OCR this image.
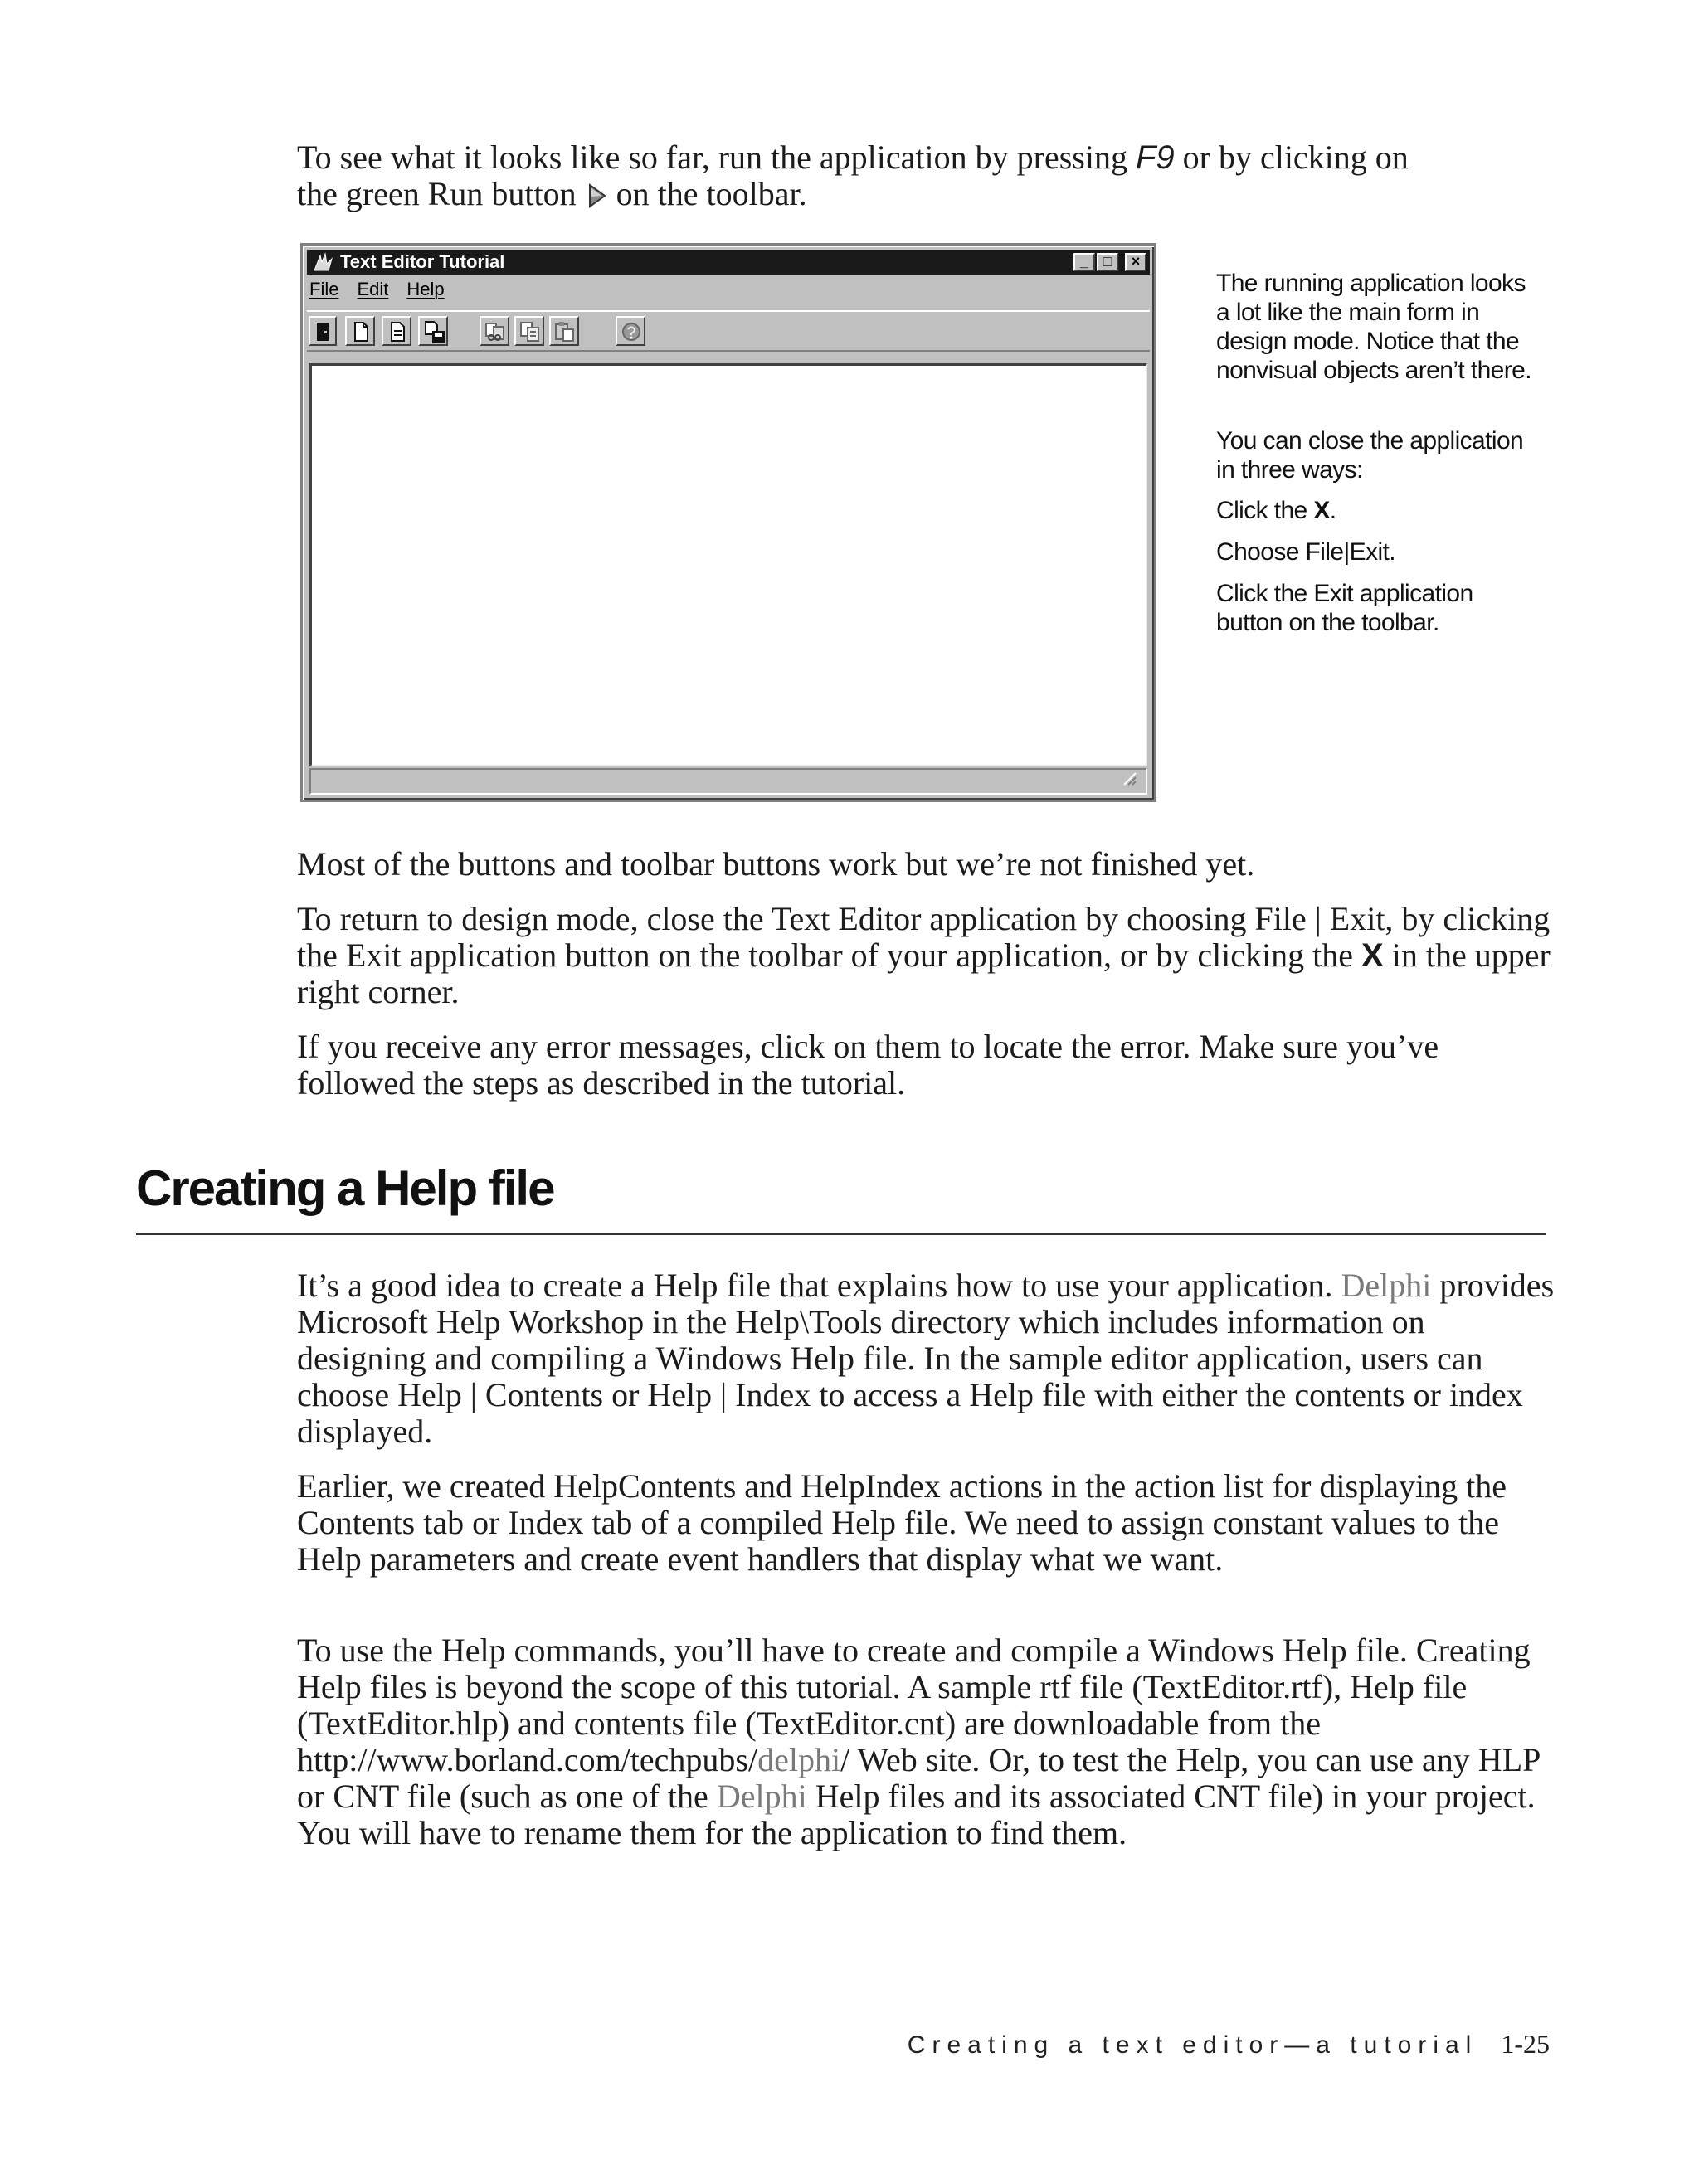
To see what it looks like so far, run the application by pressing F9 or by clicking on
the green Run button  on the toolbar.

Text Editor Tutorial	_ □	×
File Edit Help	The running application looks a lot like the main form in design mode. Notice that the nonvisual objects aren’t there.
You can close the application in three ways:
Click the X.
Choose File|Exit.
Click the Exit application button on the toolbar.

Most of the buttons and toolbar buttons work but we’re not finished yet.

To return to design mode, close the Text Editor application by choosing File | Exit, by clicking the Exit application button on the toolbar of your application, or by clicking the X in the upper right corner.

If you receive any error messages, click on them to locate the error. Make sure you’ve followed the steps as described in the tutorial.

Creating a Help file

It’s a good idea to create a Help file that explains how to use your application. Delphi provides Microsoft Help Workshop in the Help\Tools directory which includes information on designing and compiling a Windows Help file. In the sample editor application, users can choose Help | Contents or Help | Index to access a Help file with either the contents or index displayed.

Earlier, we created HelpContents and HelpIndex actions in the action list for displaying the Contents tab or Index tab of a compiled Help file. We need to assign constant values to the Help parameters and create event handlers that display what we want.

To use the Help commands, you’ll have to create and compile a Windows Help file. Creating Help files is beyond the scope of this tutorial. A sample rtf file (TextEditor.rtf), Help file (TextEditor.hlp) and contents file (TextEditor.cnt) are downloadable from the http://www.borland.com/techpubs/delphi/ Web site. Or, to test the Help, you can use any HLP or CNT file (such as one of the Delphi Help files and its associated CNT file) in your project. You will have to rename them for the application to find them.

Creating a text editor—a tutorial 1-25
